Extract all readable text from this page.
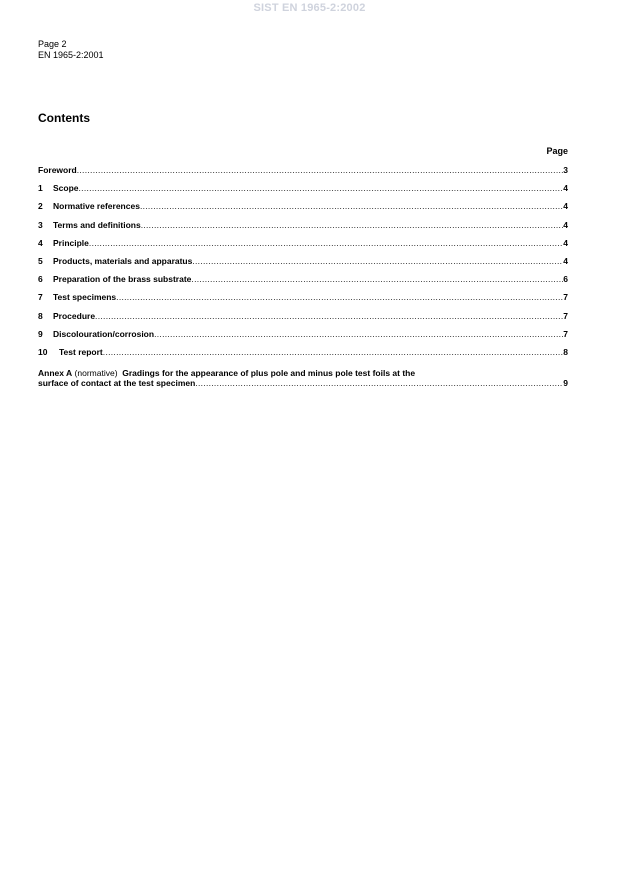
SIST EN 1965-2:2002
Page 2
EN 1965-2:2001
Contents
Page
Foreword .....	3
1	Scope .....	4
2	Normative references .....	4
3	Terms and definitions .....	4
4	Principle .....	4
5	Products, materials and apparatus .....	4
6	Preparation of the brass substrate .....	6
7	Test specimens .....	7
8	Procedure .....	7
9	Discolouration/corrosion .....	7
10	Test report .....	8
Annex A (normative) Gradings for the appearance of plus pole and minus pole test foils at the
surface of contact at the test specimen .....	9
